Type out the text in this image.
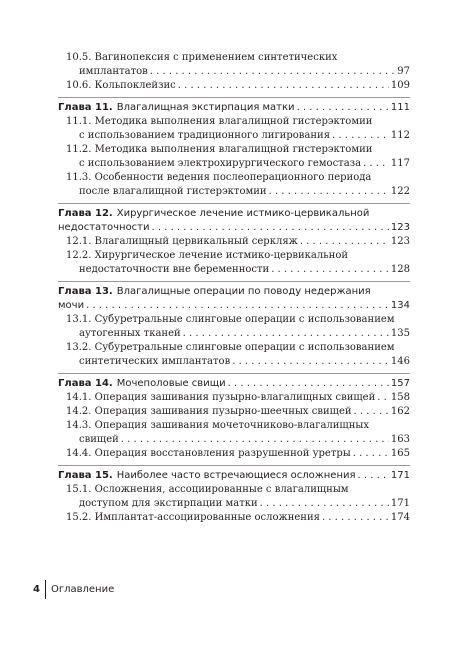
10.5. Вагинопексия с применением синтетических
имплантатов . . .	97
10.6. Кольпоклейзис . . .	109
Глава 11. Влагалищная экстирпация матки . . .	111
11.1. Методика выполнения влагалищной гистерэктомии
с использованием традиционного лигирования . . .	112
11.2. Методика выполнения влагалищной гистерэктомии
с использованием электрохирургического гемостаза . . .	117
11.3. Особенности ведения послеоперационного периода
после влагалищной гистерэктомии . . .	122
Глава 12. Хирургическое лечение истмико-цервикальной
недостаточности . . .	123
12.1. Влагалищный цервикальный серкляж . . .	123
12.2. Хирургическое лечение истмико-цервикальной
недостаточности вне беременности . . .	128
Глава 13. Влагалищные операции по поводу недержания
мочи . . .	134
13.1. Субуретральные слинговые операции с использованием
аутогенных тканей . . .	135
13.2. Субуретральные слинговые операции с использованием
синтетических имплантатов . . .	146
Глава 14. Мочеполовые свищи . . .	157
14.1. Операция зашивания пузырно-влагалищных свищей . . . 158
14.2. Операция зашивания пузырно-шеечных свищей . . .	162
14.3. Операция зашивания мочеточниково-влагалищных
свищей . . .	163
14.4. Операция восстановления разрушенной уретры . . .	165
Глава 15. Наиболее часто встречающиеся осложнения . . .	171
15.1. Осложнения, ассоциированные с влагалищным
доступом для экстирпации матки . . .	171
15.2. Имплантат-ассоциированные осложнения . . .	174
4 Оглавление
